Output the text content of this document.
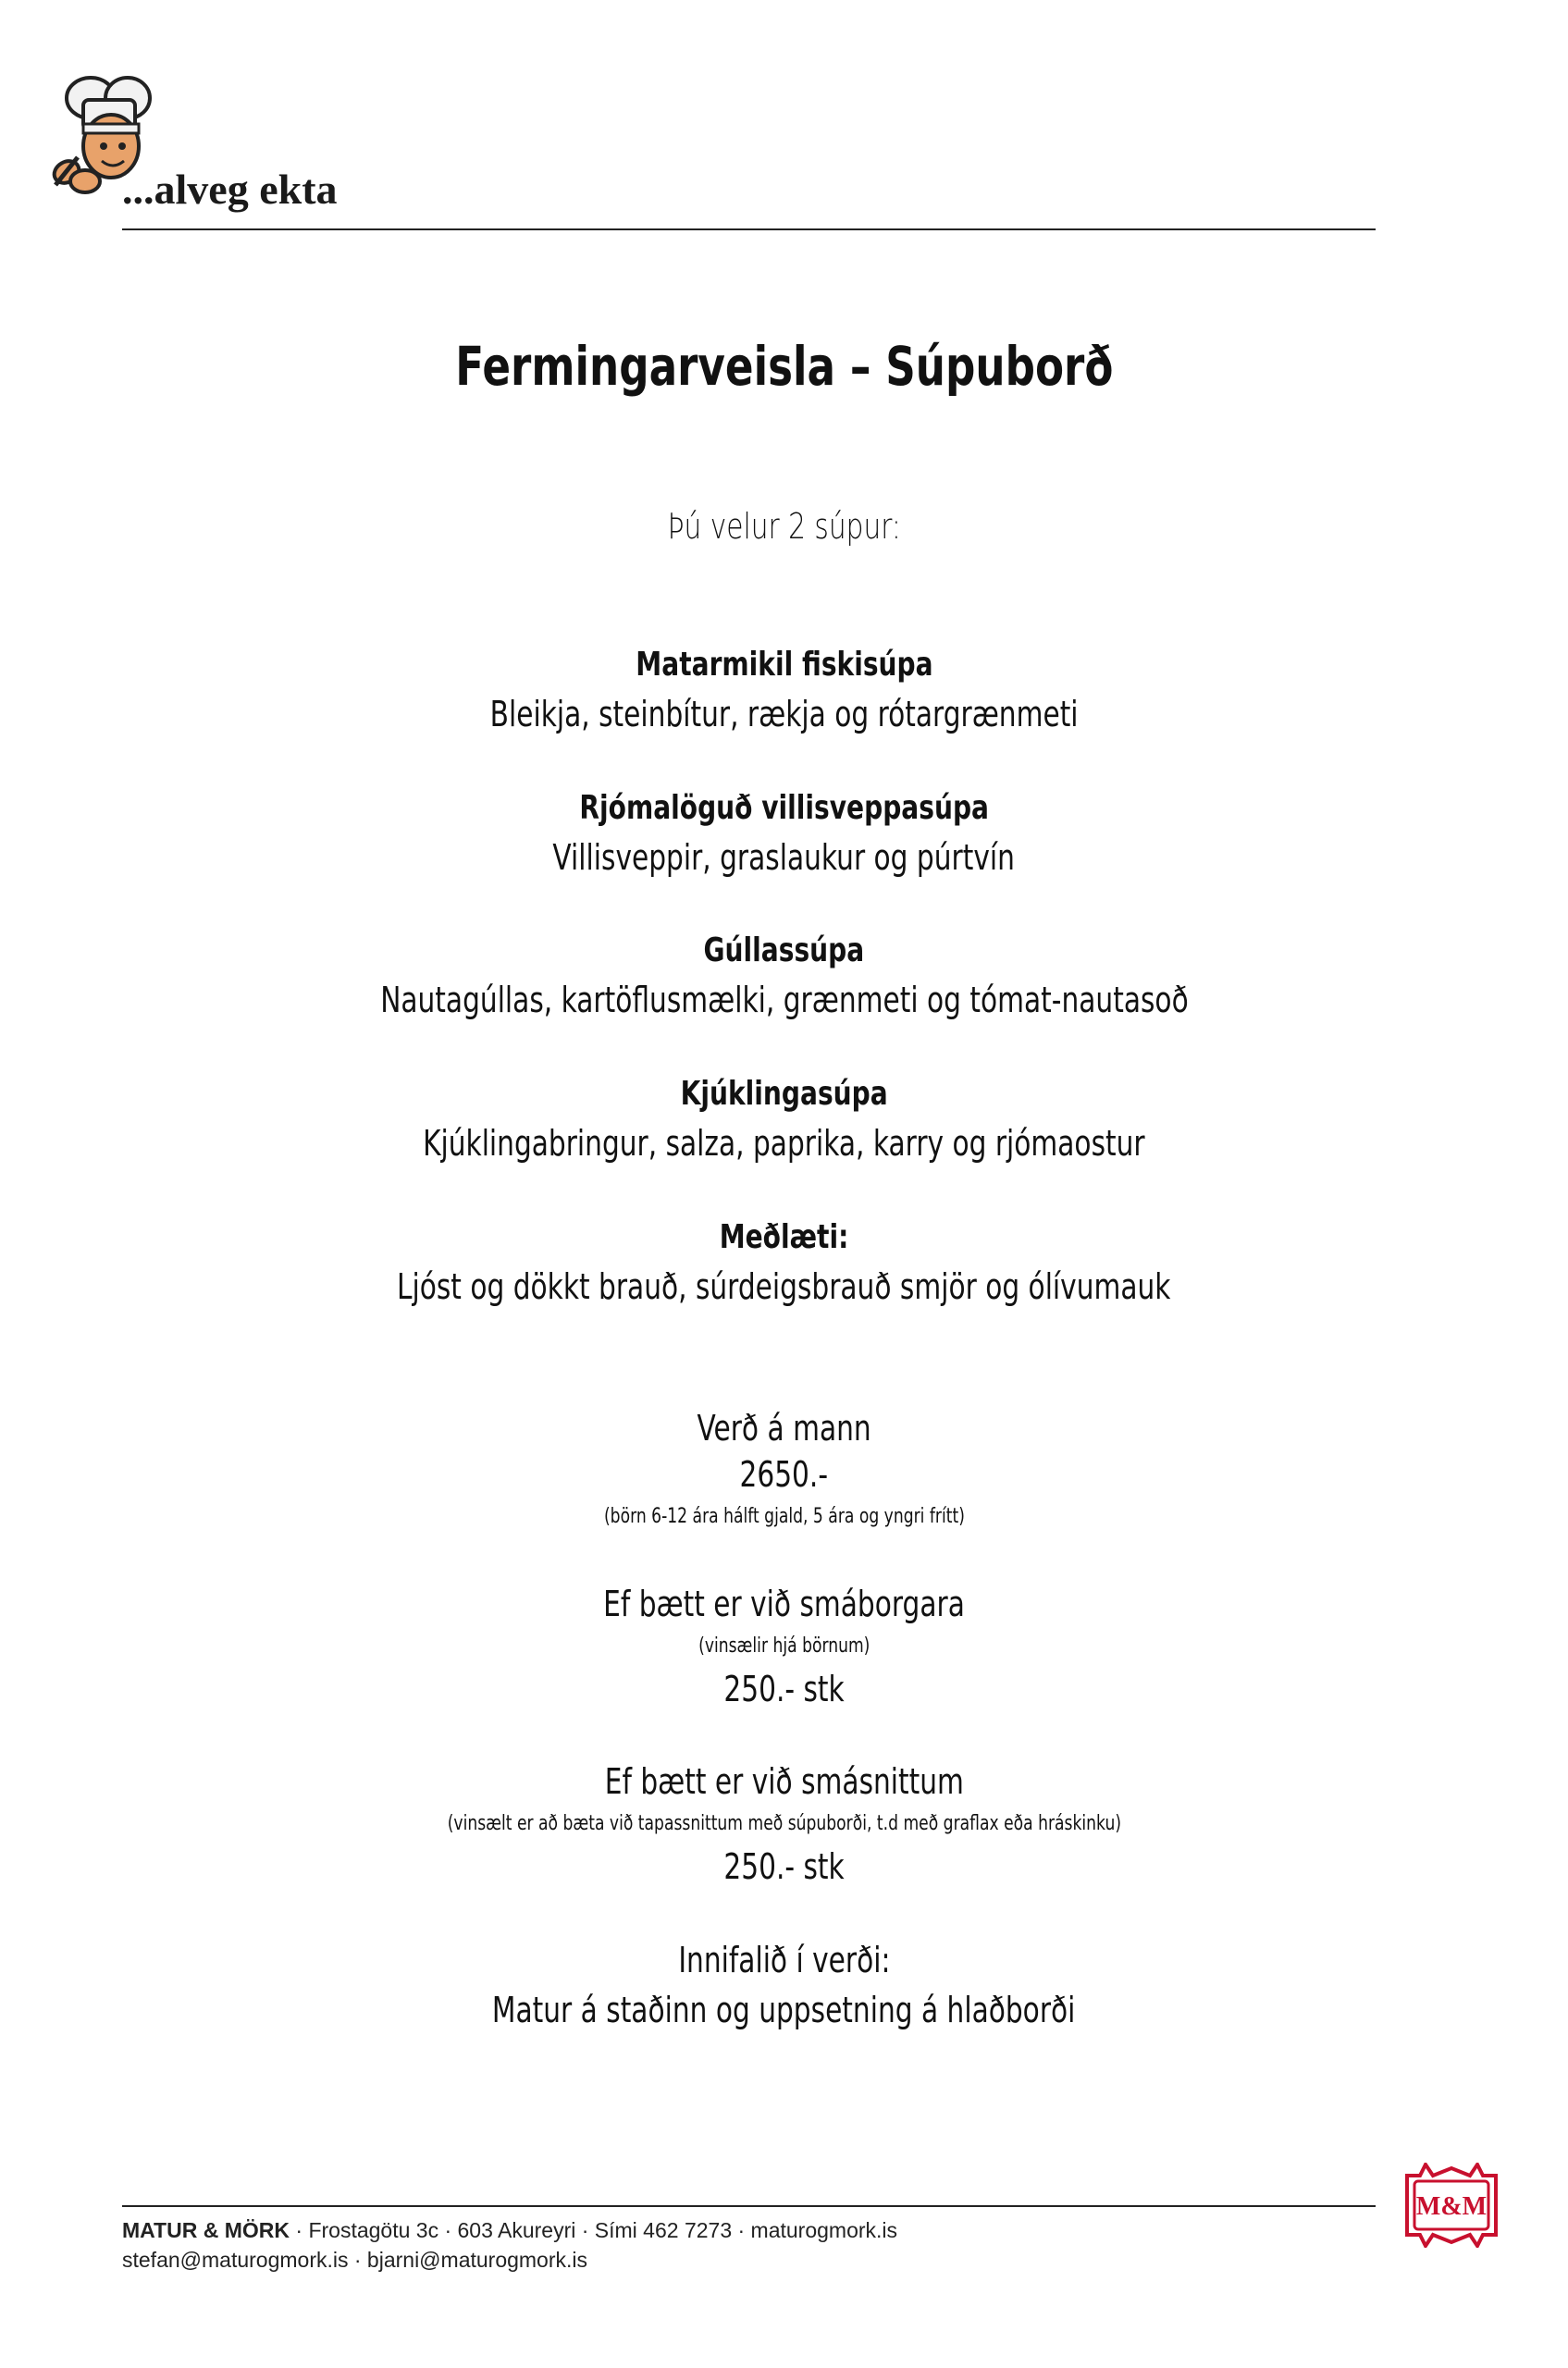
...alveg ekta
Fermingarveisla – Súpuborð
Þú velur 2 súpur:
Matarmikil fiskisúpa
Bleikja, steinbítur, rækja og rótargrænmeti
Rjómalöguð villisveppasúpa
Villisveppir, graslaukur og púrtvín
Gúllassúpa
Nautagúllas, kartöflusmælki, grænmeti og tómat-nautasoð
Kjúklingasúpa
Kjúklingabringur, salza, paprika, karry og rjómaostur
Meðlæti:
Ljóst og dökkt brauð, súrdeigsbrauð smjör og ólívumauk
Verð á mann
2650.-
(börn 6-12 ára hálft gjald, 5 ára og yngri frítt)
Ef bætt er við smáborgara
(vinsælir hjá börnum)
250.- stk
Ef bætt er við smásnittum
(vinsælt er að bæta við tapassnittum með súpuborði, t.d með graflax eða hráskinku)
250.- stk
Innifalið í verði:
Matur á staðinn og uppsetning á hlaðborði
MATUR & MÖRK · Frostagötu 3c · 603 Akureyri · Sími 462 7273 · maturogmork.is
stefan@maturogmork.is · bjarni@maturogmork.is
M&M
